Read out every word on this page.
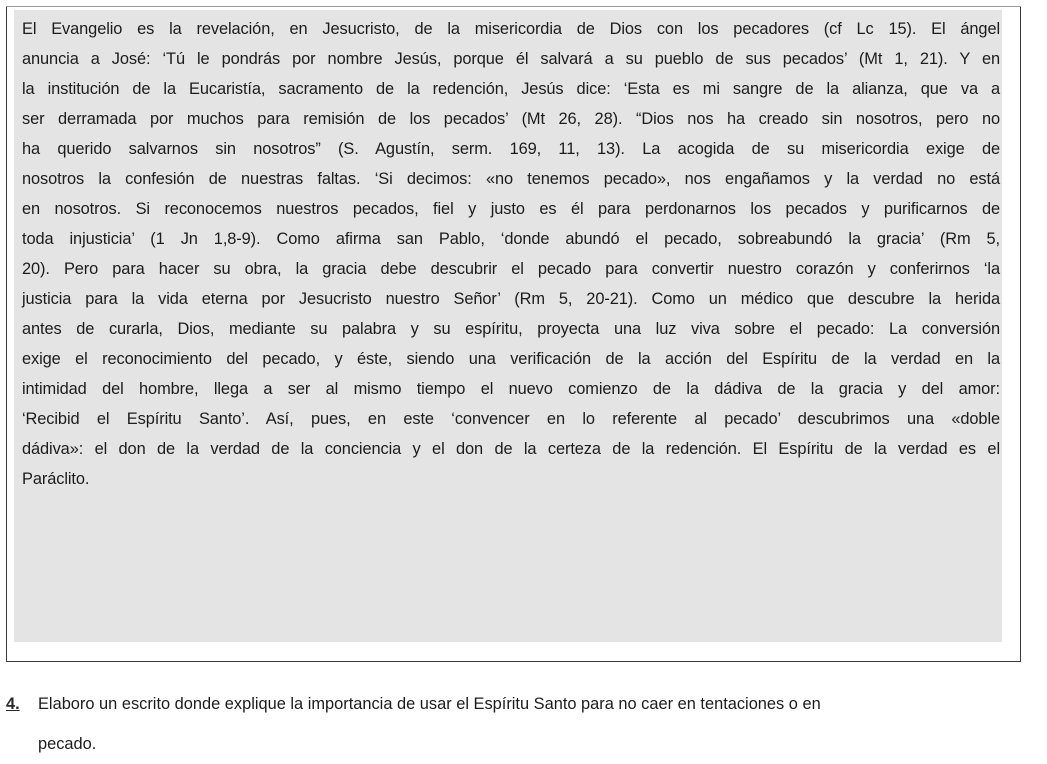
El Evangelio es la revelación, en Jesucristo, de la misericordia de Dios con los pecadores (cf Lc 15). El ángel
anuncia a José: ‘Tú le pondrás por nombre Jesús, porque él salvará a su pueblo de sus pecados’ (Mt 1, 21). Y en
la institución de la Eucaristía, sacramento de la redención, Jesús dice: ‘Esta es mi sangre de la alianza, que va a
ser derramada por muchos para remisión de los pecados’ (Mt 26, 28). “Dios nos ha creado sin nosotros, pero no
ha querido salvarnos sin nosotros” (S. Agustín, serm. 169, 11, 13). La acogida de su misericordia exige de
nosotros la confesión de nuestras faltas. ‘Si decimos: «no tenemos pecado», nos engañamos y la verdad no está
en nosotros. Si reconocemos nuestros pecados, fiel y justo es él para perdonarnos los pecados y purificarnos de
toda injusticia’ (1 Jn 1,8-9). Como afirma san Pablo, ‘donde abundó el pecado, sobreabundó la gracia’ (Rm 5,
20). Pero para hacer su obra, la gracia debe descubrir el pecado para convertir nuestro corazón y conferirnos ‘la
justicia para la vida eterna por Jesucristo nuestro Señor’ (Rm 5, 20-21). Como un médico que descubre la herida
antes de curarla, Dios, mediante su palabra y su espíritu, proyecta una luz viva sobre el pecado: La conversión
exige el reconocimiento del pecado, y éste, siendo una verificación de la acción del Espíritu de la verdad en la
intimidad del hombre, llega a ser al mismo tiempo el nuevo comienzo de la dádiva de la gracia y del amor:
‘Recibid el Espíritu Santo’. Así, pues, en este ‘convencer en lo referente al pecado’ descubrimos una «doble
dádiva»: el don de la verdad de la conciencia y el don de la certeza de la redención. El Espíritu de la verdad es el
Paráclito.
4. Elaboro un escrito donde explique la importancia de usar el Espíritu Santo para no caer en tentaciones o en
pecado.
